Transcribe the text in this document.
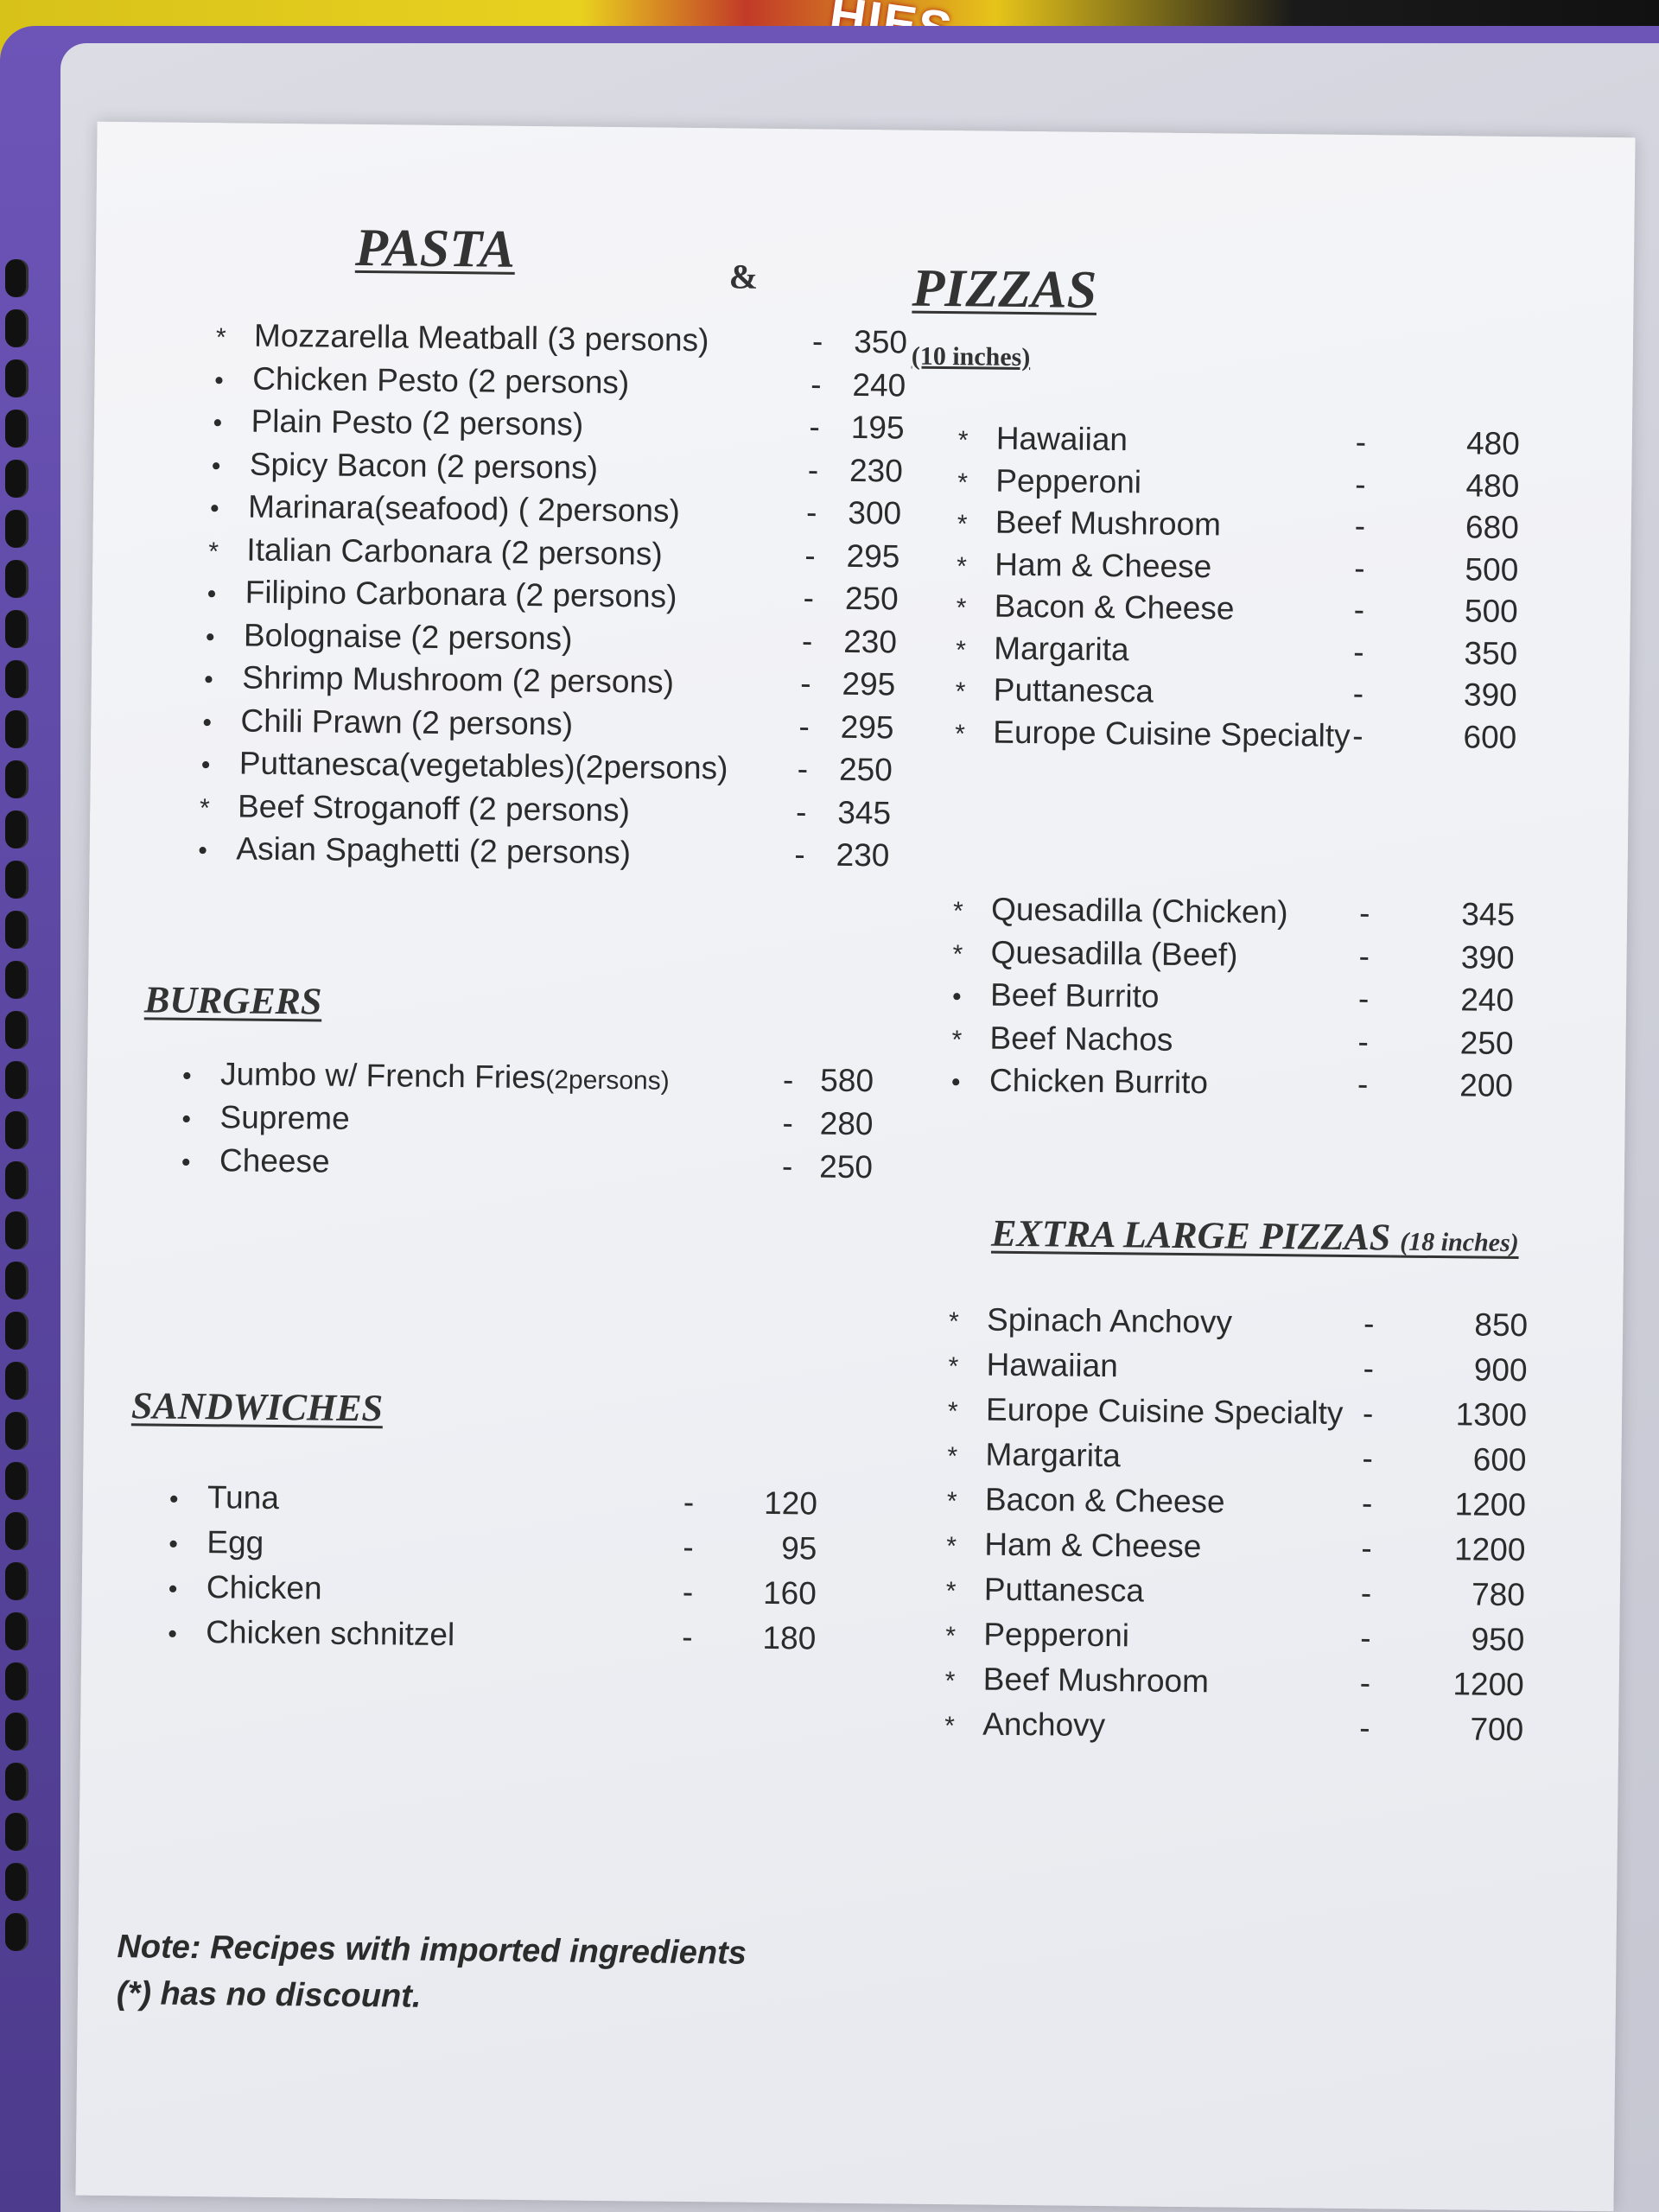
PASTA	&	PIZZAS
(10 inches)
* Mozzarella Meatball (3 persons)	- 350
• Chicken Pesto (2 persons)	- 240
• Plain Pesto (2 persons)	- 195
• Spicy Bacon (2 persons)	- 230
• Marinara(seafood) ( 2persons)	- 300
* Italian Carbonara (2 persons)	- 295
• Filipino Carbonara (2 persons)	- 250
• Bolognaise (2 persons)	- 230
• Shrimp Mushroom (2 persons)	- 295
• Chili Prawn (2 persons)	- 295
• Puttanesca(vegetables)(2persons) - 250
* Beef Stroganoff (2 persons)	- 345
• Asian Spaghetti (2 persons)	- 230
* Hawaiian	-	480
* Pepperoni	-	480
* Beef Mushroom	-	680
* Ham & Cheese	-	500
* Bacon & Cheese	-	500
* Margarita	-	350
* Puttanesca	-	390
* Europe Cuisine Specialty -	600
* Quesadilla (Chicken) -	345
* Quesadilla (Beef)	-	390
• Beef Burrito	-	240
* Beef Nachos	-	250
• Chicken Burrito	-	200
BURGERS
• Jumbo w/ French Fries(2persons)	- 580
• Supreme	- 280
• Cheese	- 250
EXTRA LARGE PIZZAS (18 inches)
* Spinach Anchovy	-	850
* Hawaiian	-	900
* Europe Cuisine Specialty -	1300
* Margarita	-	600
* Bacon & Cheese	-	1200
* Ham & Cheese	-	1200
* Puttanesca	-	780
* Pepperoni	-	950
* Beef Mushroom	-	1200
* Anchovy	-	700
SANDWICHES
• Tuna	-	120
• Egg	-	95
• Chicken	-	160
• Chicken schnitzel	-	180
Note: Recipes with imported ingredients
(*) has no discount.
